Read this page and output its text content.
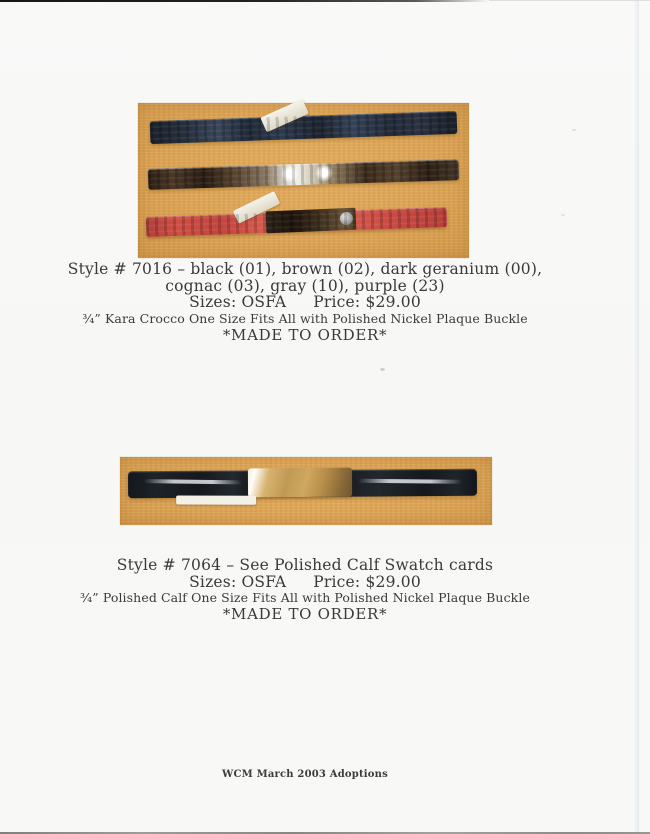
Style # 7016 – black (01), brown (02), dark geranium (00),
cognac (03), gray (10), purple (23)
Sizes: OSFA Price: $29.00
¾” Kara Crocco One Size Fits All with Polished Nickel Plaque Buckle
*MADE TO ORDER*
Style # 7064 – See Polished Calf Swatch cards
Sizes: OSFA Price: $29.00
¾” Polished Calf One Size Fits All with Polished Nickel Plaque Buckle
*MADE TO ORDER*
WCM March 2003 Adoptions
